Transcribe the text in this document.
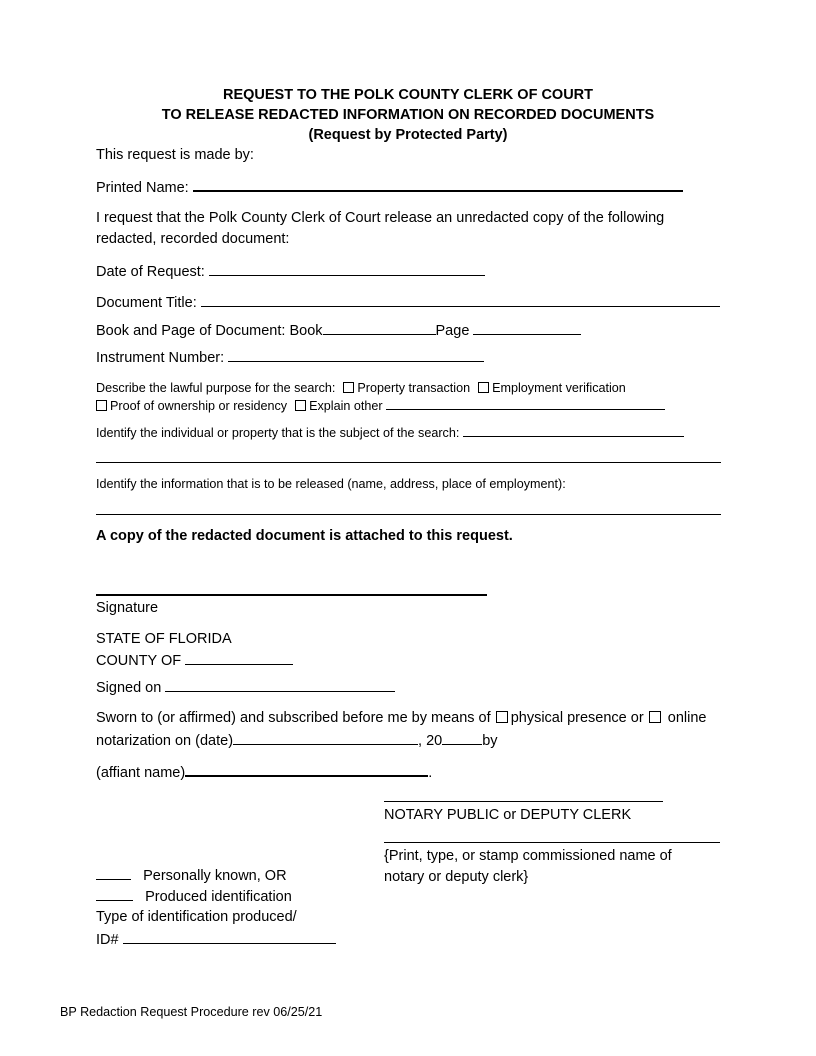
REQUEST TO THE POLK COUNTY CLERK OF COURT
TO RELEASE REDACTED INFORMATION ON RECORDED DOCUMENTS
(Request by Protected Party)
This request is made by:
Printed Name:
I request that the Polk County Clerk of Court release an unredacted copy of the following
redacted, recorded document:
Date of Request:
Document Title:
Book and Page of Document: Book	Page
Instrument Number:
Describe the lawful purpose for the search: Property transaction Employment verification
Proof of ownership or residency Explain other
Identify the individual or property that is the subject of the search:
Identify the information that is to be released (name, address, place of employment):
A copy of the redacted document is attached to this request.
Signature
STATE OF FLORIDA
COUNTY OF
Signed on
Sworn to (or affirmed) and subscribed before me by means of physical presence or online
notarization on (date)	, 20	by
(affiant name)	.
NOTARY PUBLIC or DEPUTY CLERK
{Print, type, or stamp commissioned name of
notary or deputy clerk}
Personally known, OR
Produced identification
Type of identification produced/
ID#
BP Redaction Request Procedure rev 06/25/21
